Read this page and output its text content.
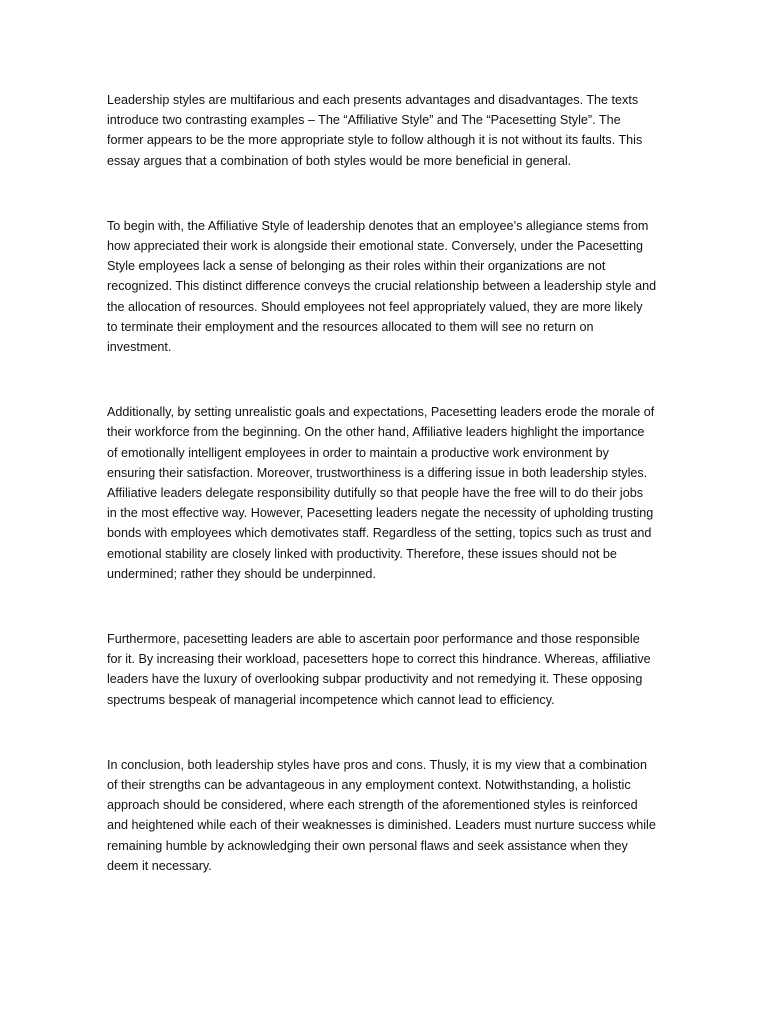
Leadership styles are multifarious and each presents advantages and disadvantages. The texts
introduce two contrasting examples – The “Affiliative Style” and The “Pacesetting Style”. The
former appears to be the more appropriate style to follow although it is not without its faults. This
essay argues that a combination of both styles would be more beneficial in general.

To begin with, the Affiliative Style of leadership denotes that an employee’s allegiance stems from
how appreciated their work is alongside their emotional state. Conversely, under the Pacesetting
Style employees lack a sense of belonging as their roles within their organizations are not
recognized. This distinct difference conveys the crucial relationship between a leadership style and
the allocation of resources. Should employees not feel appropriately valued, they are more likely
to terminate their employment and the resources allocated to them will see no return on
investment.

Additionally, by setting unrealistic goals and expectations, Pacesetting leaders erode the morale of
their workforce from the beginning. On the other hand, Affiliative leaders highlight the importance
of emotionally intelligent employees in order to maintain a productive work environment by
ensuring their satisfaction. Moreover, trustworthiness is a differing issue in both leadership styles.
Affiliative leaders delegate responsibility dutifully so that people have the free will to do their jobs
in the most effective way. However, Pacesetting leaders negate the necessity of upholding trusting
bonds with employees which demotivates staff. Regardless of the setting, topics such as trust and
emotional stability are closely linked with productivity. Therefore, these issues should not be
undermined; rather they should be underpinned.

Furthermore, pacesetting leaders are able to ascertain poor performance and those responsible
for it. By increasing their workload, pacesetters hope to correct this hindrance. Whereas, affiliative
leaders have the luxury of overlooking subpar productivity and not remedying it. These opposing
spectrums bespeak of managerial incompetence which cannot lead to efficiency.

In conclusion, both leadership styles have pros and cons. Thusly, it is my view that a combination
of their strengths can be advantageous in any employment context. Notwithstanding, a holistic
approach should be considered, where each strength of the aforementioned styles is reinforced
and heightened while each of their weaknesses is diminished. Leaders must nurture success while
remaining humble by acknowledging their own personal flaws and seek assistance when they
deem it necessary.
